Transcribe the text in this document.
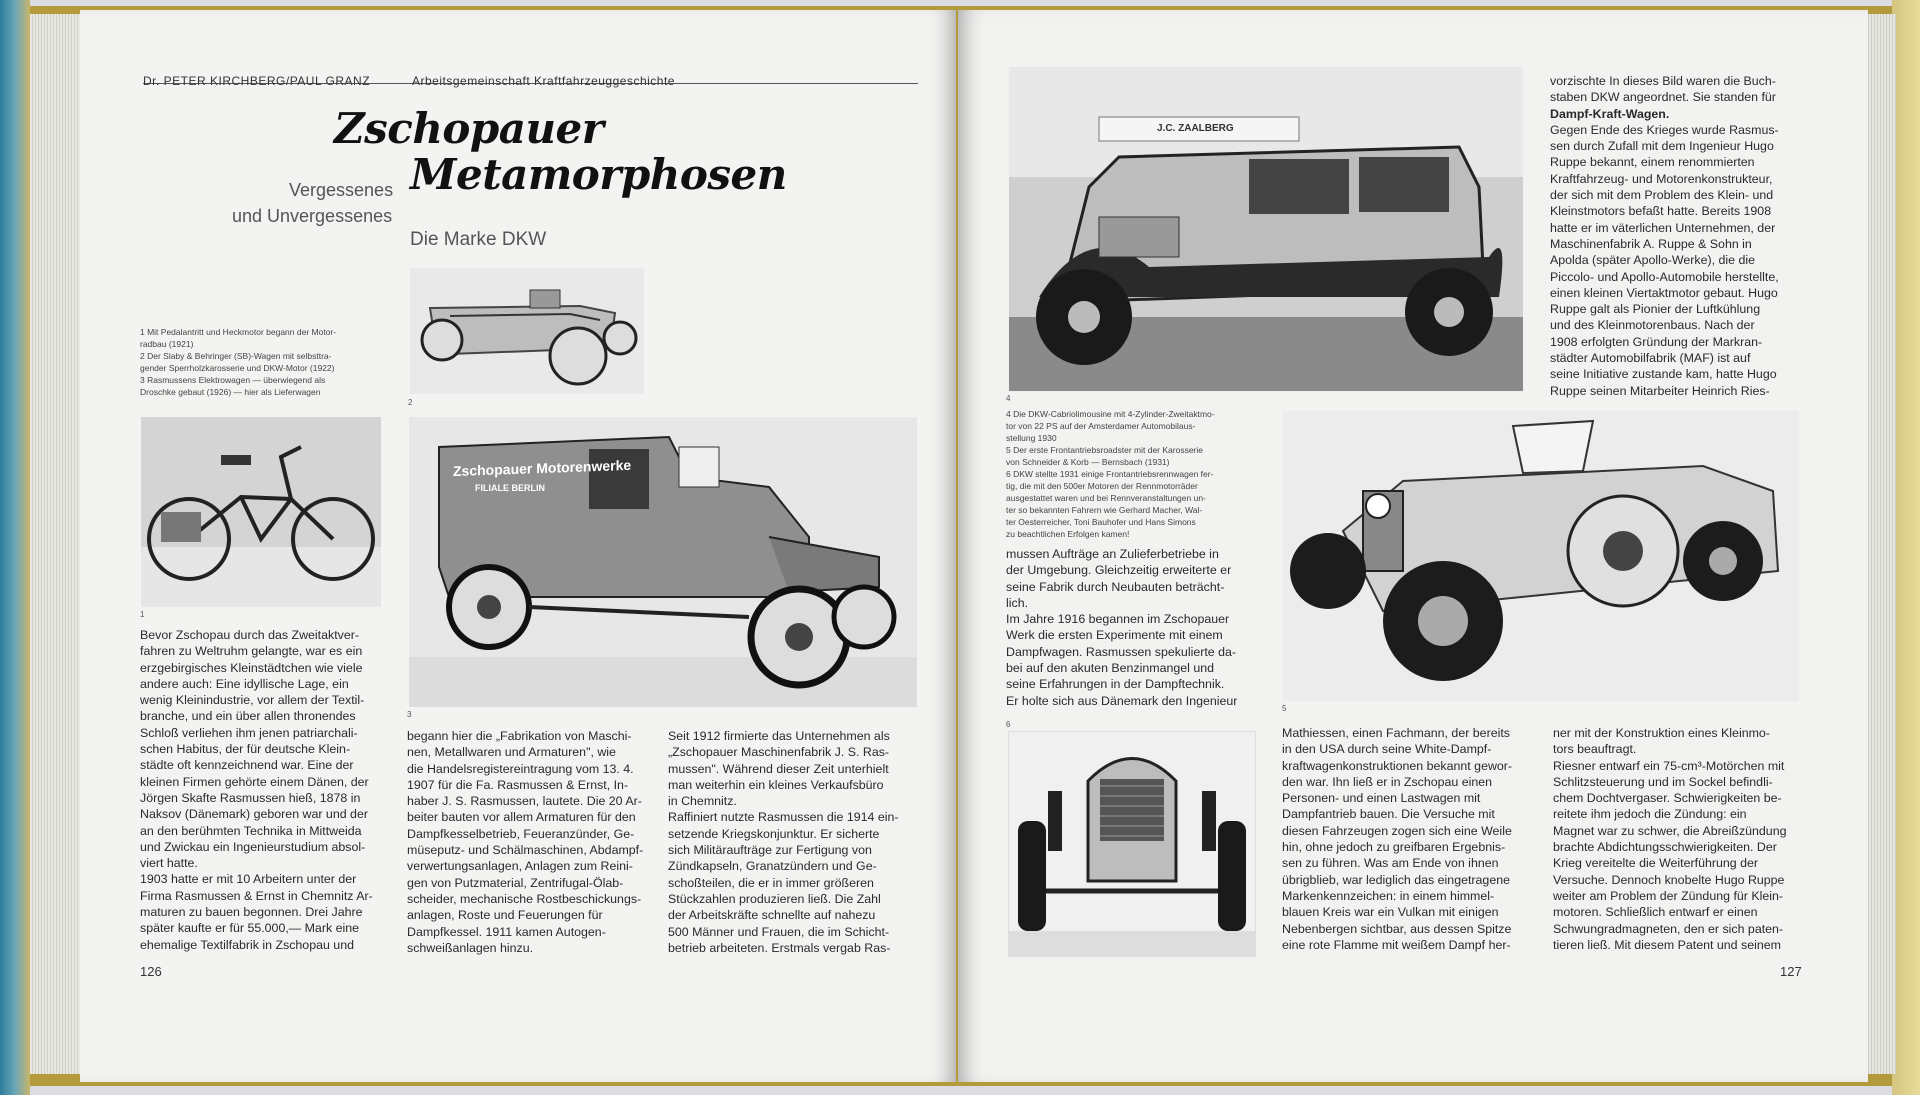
Dr. PETER KIRCHBERG/PAUL GRANZ	Arbeitsgemeinschaft Kraftfahrzeuggeschichte
Zschopauer
Metamorphosen
Vergessenes
und Unvergessenes
Die Marke DKW
1 Mit Pedalantritt und Heckmotor begann der Motor-
radbau (1921)
2 Der Slaby & Behringer (SB)-Wagen mit selbsttra-
gender Sperrholzkarosserie und DKW-Motor (1922)
3 Rasmussens Elektrowagen — überwiegend als
Droschke gebaut (1926) — hier als Lieferwagen
2
1
Zschopauer Motorenwerke
FILIALE BERLIN
3
Bevor Zschopau durch das Zweitaktver-
fahren zu Weltruhm gelangte, war es ein
erzgebirgisches Kleinstädtchen wie viele
andere auch: Eine idyllische Lage, ein
wenig Kleinindustrie, vor allem der Textil-
branche, und ein über allen thronendes
Schloß verliehen ihm jenen patriarchali-
schen Habitus, der für deutsche Klein-
städte oft kennzeichnend war. Eine der
kleinen Firmen gehörte einem Dänen, der
Jörgen Skafte Rasmussen hieß, 1878 in
Naksov (Dänemark) geboren war und der
an den berühmten Technika in Mittweida
und Zwickau ein Ingenieurstudium absol-
viert hatte.
1903 hatte er mit 10 Arbeitern unter der
Firma Rasmussen & Ernst in Chemnitz Ar-
maturen zu bauen begonnen. Drei Jahre
später kaufte er für 55.000,— Mark eine
ehemalige Textilfabrik in Zschopau und
begann hier die „Fabrikation von Maschi-
nen, Metallwaren und Armaturen", wie
die Handelsregistereintragung vom 13. 4.
1907 für die Fa. Rasmussen & Ernst, In-
haber J. S. Rasmussen, lautete. Die 20 Ar-
beiter bauten vor allem Armaturen für den
Dampfkesselbetrieb, Feueranzünder, Ge-
müseputz- und Schälmaschinen, Abdampf-
verwertungsanlagen, Anlagen zum Reini-
gen von Putzmaterial, Zentrifugal-Ölab-
scheider, mechanische Rostbeschickungs-
anlagen, Roste und Feuerungen für
Dampfkessel. 1911 kamen Autogen-
schweißanlagen hinzu.
Seit 1912 firmierte das Unternehmen als
„Zschopauer Maschinenfabrik J. S. Ras-
mussen". Während dieser Zeit unterhielt
man weiterhin ein kleines Verkaufsbüro
in Chemnitz.
Raffiniert nutzte Rasmussen die 1914 ein-
setzende Kriegskonjunktur. Er sicherte
sich Militäraufträge zur Fertigung von
Zündkapseln, Granatzündern und Ge-
schoßteilen, die er in immer größeren
Stückzahlen produzieren ließ. Die Zahl
der Arbeitskräfte schnellte auf nahezu
500 Männer und Frauen, die im Schicht-
betrieb arbeiteten. Erstmals vergab Ras-
126
J.C. ZAALBERG
4
4 Die DKW-Cabriolimousine mit 4-Zylinder-Zweitaktmo-
tor von 22 PS auf der Amsterdamer Automobilaus-
stellung 1930
5 Der erste Frontantriebsroadster mit der Karosserie
von Schneider & Korb — Bernsbach (1931)
6 DKW stellte 1931 einige Frontantriebsrennwagen fer-
tig, die mit den 500er Motoren der Rennmotorräder
ausgestattet waren und bei Rennveranstaltungen un-
ter so bekannten Fahrern wie Gerhard Macher, Wal-
ter Oesterreicher, Toni Bauhofer und Hans Simons
zu beachtlichen Erfolgen kamen!
mussen Aufträge an Zulieferbetriebe in
der Umgebung. Gleichzeitig erweiterte er
seine Fabrik durch Neubauten beträcht-
lich.
Im Jahre 1916 begannen im Zschopauer
Werk die ersten Experimente mit einem
Dampfwagen. Rasmussen spekulierte da-
bei auf den akuten Benzinmangel und
seine Erfahrungen in der Dampftechnik.
Er holte sich aus Dänemark den Ingenieur
vorzischte In dieses Bild waren die Buch-
staben DKW angeordnet. Sie standen für
Dampf-Kraft-Wagen.
Gegen Ende des Krieges wurde Rasmus-
sen durch Zufall mit dem Ingenieur Hugo
Ruppe bekannt, einem renommierten
Kraftfahrzeug- und Motorenkonstrukteur,
der sich mit dem Problem des Klein- und
Kleinstmotors befaßt hatte. Bereits 1908
hatte er im väterlichen Unternehmen, der
Maschinenfabrik A. Ruppe & Sohn in
Apolda (später Apollo-Werke), die die
Piccolo- und Apollo-Automobile herstellte,
einen kleinen Viertaktmotor gebaut. Hugo
Ruppe galt als Pionier der Luftkühlung
und des Kleinmotorenbaus. Nach der
1908 erfolgten Gründung der Markran-
städter Automobilfabrik (MAF) ist auf
seine Initiative zustande kam, hatte Hugo
Ruppe seinen Mitarbeiter Heinrich Ries-
5
6
Mathiessen, einen Fachmann, der bereits
in den USA durch seine White-Dampf-
kraftwagenkonstruktionen bekannt gewor-
den war. Ihn ließ er in Zschopau einen
Personen- und einen Lastwagen mit
Dampfantrieb bauen. Die Versuche mit
diesen Fahrzeugen zogen sich eine Weile
hin, ohne jedoch zu greifbaren Ergebnis-
sen zu führen. Was am Ende von ihnen
übrigblieb, war lediglich das eingetragene
Markenkennzeichen: in einem himmel-
blauen Kreis war ein Vulkan mit einigen
Nebenbergen sichtbar, aus dessen Spitze
eine rote Flamme mit weißem Dampf her-
ner mit der Konstruktion eines Kleinmo-
tors beauftragt.
Riesner entwarf ein 75-cm³-Motörchen mit
Schlitzsteuerung und im Sockel befindli-
chem Dochtvergaser. Schwierigkeiten be-
reitete ihm jedoch die Zündung: ein
Magnet war zu schwer, die Abreißzündung
brachte Abdichtungsschwierigkeiten. Der
Krieg vereitelte die Weiterführung der
Versuche. Dennoch knobelte Hugo Ruppe
weiter am Problem der Zündung für Klein-
motoren. Schließlich entwarf er einen
Schwungradmagneten, den er sich paten-
tieren ließ. Mit diesem Patent und seinem
127
